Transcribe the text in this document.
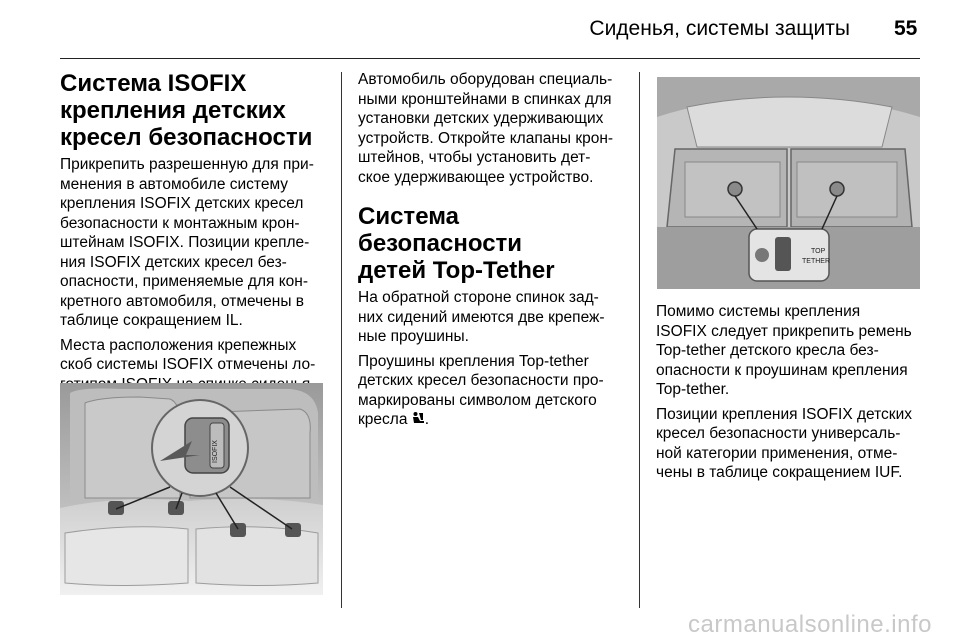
Сиденья, системы защиты 55
Система ISOFIX
крепления детских
кресел безопасности

Прикрепить разрешенную для при-
менения в автомобиле систему
крепления ISOFIX детских кресел
безопасности к монтажным крон-
штейнам ISOFIX. Позиции крепле-
ния ISOFIX детских кресел без-
опасности, применяемые для кон-
кретного автомобиля, отмечены в
таблице сокращением IL.

Места расположения крепежных
скоб системы ISOFIX отмечены ло-

ISOFIX

Автомобиль оборудован специаль-
ными кронштейнами в спинках для
установки детских удерживающих
устройств. Откройте клапаны крон-
штейнов, чтобы установить дет-
ское удерживающее устройство.

Система безопасности
детей Top-Tether

На обратной стороне спинок зад-
них сидений имеются две крепеж-
ные проушины.

Проушины крепления Top-tether
детских кресел безопасности про-
маркированы символом детского
кресла .

TOP
TETHER

Помимо системы крепления
ISOFIX следует прикрепить ремень
Top-tether детского кресла без-
опасности к проушинам крепления
Top-tether.

Позиции крепления ISOFIX детских
кресел безопасности универсаль-
ной категории применения, отме-
чены в таблице сокращением IUF.

carmanualsonline.info
